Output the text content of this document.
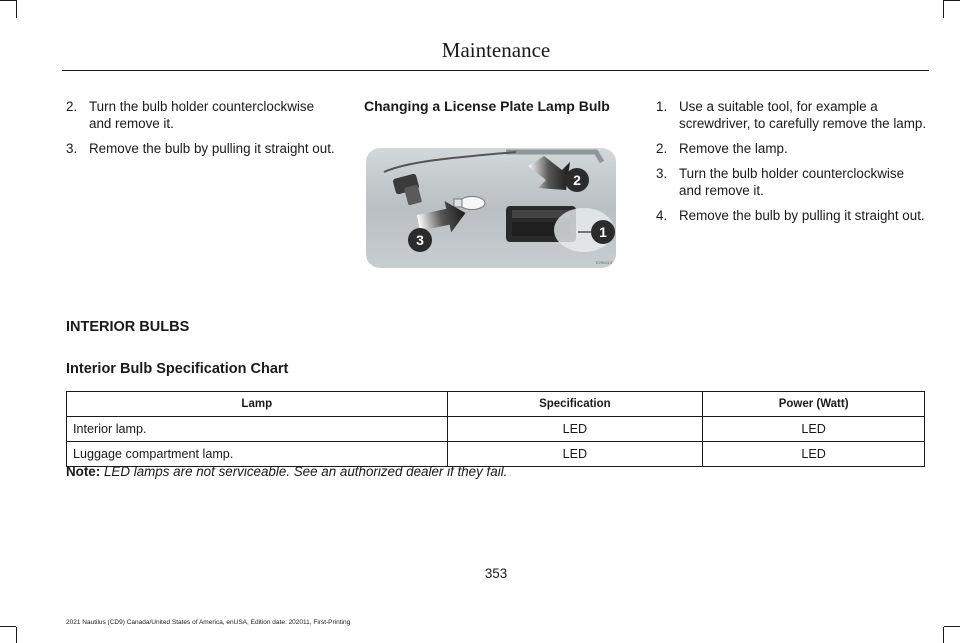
Maintenance
2. Turn the bulb holder counterclockwise and remove it.
3. Remove the bulb by pulling it straight out.
Changing a License Plate Lamp Bulb
2
1
3
E290213
1. Use a suitable tool, for example a screwdriver, to carefully remove the lamp.
2. Remove the lamp.
3. Turn the bulb holder counterclockwise and remove it.
4. Remove the bulb by pulling it straight out.
INTERIOR BULBS
Interior Bulb Specification Chart
Lamp	Specification	Power (Watt)
Interior lamp.	LED	LED
Luggage compartment lamp.	LED	LED

Note: LED lamps are not serviceable. See an authorized dealer if they fail.

353
2021 Nautilus (CD9) Canada/United States of America, enUSA, Edition date: 202011, First-Printing
